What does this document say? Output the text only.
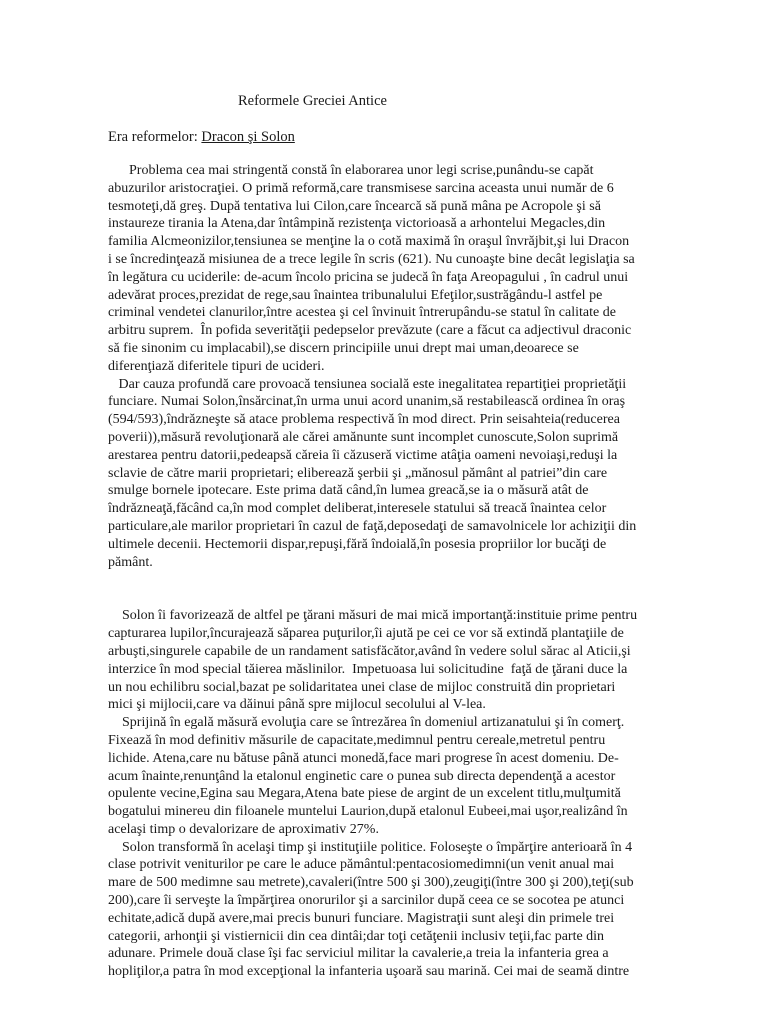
Reformele Greciei Antice
Era reformelor: Dracon şi Solon
Problema cea mai stringentă constă în elaborarea unor legi scrise,punându-se capăt
abuzurilor aristocraţiei. O primă reformă,care transmisese sarcina aceasta unui număr de 6
tesmoteţi,dă greş. După tentativa lui Cilon,care încearcă să pună mâna pe Acropole şi să
instaureze tirania la Atena,dar întâmpină rezistenţa victorioasă a arhontelui Megacles,din
familia Alcmeonizilor,tensiunea se menţine la o cotă maximă în oraşul învrăjbit,şi lui Dracon
i se încredinţează misiunea de a trece legile în scris (621). Nu cunoaşte bine decât legislaţia sa
în legătura cu uciderile: de-acum încolo pricina se judecă în faţa Areopagului , în cadrul unui
adevărat proces,prezidat de rege,sau înaintea tribunalului Efeţilor,sustrăgându-l astfel pe
criminal vendetei clanurilor,între acestea şi cel învinuit întrerupându-se statul în calitate de
arbitru suprem.  În pofida severităţii pedepselor prevăzute (care a făcut ca adjectivul draconic
să fie sinonim cu implacabil),se discern principiile unui drept mai uman,deoarece se
diferenţiază diferitele tipuri de ucideri.
Dar cauza profundă care provoacă tensiunea socială este inegalitatea repartiţiei proprietăţii
funciare. Numai Solon,însărcinat,în urma unui acord unanim,să restabilească ordinea în oraş
(594/593),îndrăzneşte să atace problema respectivă în mod direct. Prin seisahteia(reducerea
poverii)),măsură revoluţionară ale cărei amănunte sunt incomplet cunoscute,Solon suprimă
arestarea pentru datorii,pedeapsă căreia îi căzuseră victime atâţia oameni nevoiaşi,reduşi la
sclavie de către marii proprietari; eliberează şerbii şi „mănosul pământ al patriei”din care
smulge bornele ipotecare. Este prima dată când,în lumea greacă,se ia o măsură atât de
îndrăzneaţă,făcând ca,în mod complet deliberat,interesele statului să treacă înaintea celor
particulare,ale marilor proprietari în cazul de faţă,deposedaţi de samavolnicele lor achiziţii din
ultimele decenii. Hectemorii dispar,repuşi,fără îndoială,în posesia propriilor lor bucăţi de
pământ.
Solon îi favorizează de altfel pe ţărani măsuri de mai mică importanţă:instituie prime pentru
capturarea lupilor,încurajează săparea puţurilor,îi ajută pe cei ce vor să extindă plantaţiile de
arbuşti,singurele capabile de un randament satisfăcător,având în vedere solul sărac al Aticii,şi
interzice în mod special tăierea măslinilor.  Impetuoasa lui solicitudine  faţă de ţărani duce la
un nou echilibru social,bazat pe solidaritatea unei clase de mijloc construită din proprietari
mici şi mijlocii,care va dăinui până spre mijlocul secolului al V-lea.
Sprijină în egală măsură evoluţia care se întrezărea în domeniul artizanatului şi în comerţ.
Fixează în mod definitiv măsurile de capacitate,medimnul pentru cereale,metretul pentru
lichide. Atena,care nu bătuse până atunci monedă,face mari progrese în acest domeniu. De-
acum înainte,renunţând la etalonul enginetic care o punea sub directa dependenţă a acestor
opulente vecine,Egina sau Megara,Atena bate piese de argint de un excelent titlu,mulţumită
bogatului minereu din filoanele muntelui Laurion,după etalonul Eubeei,mai uşor,realizând în
acelaşi timp o devalorizare de aproximativ 27%.
Solon transformă în acelaşi timp şi instituţiile politice. Foloseşte o împărţire anterioară în 4
clase potrivit veniturilor pe care le aduce pământul:pentacosiomedimni(un venit anual mai
mare de 500 medimne sau metrete),cavaleri(între 500 şi 300),zeugiţi(între 300 şi 200),teţi(sub
200),care îi serveşte la împărţirea onorurilor şi a sarcinilor după ceea ce se socotea pe atunci
echitate,adică după avere,mai precis bunuri funciare. Magistraţii sunt aleşi din primele trei
categorii, arhonţii şi vistiernicii din cea dintâi;dar toţi cetăţenii inclusiv teţii,fac parte din
adunare. Primele două clase îşi fac serviciul militar la cavalerie,a treia la infanteria grea a
hopliţilor,a patra în mod excepţional la infanteria uşoară sau marină. Cei mai de seamă dintre
